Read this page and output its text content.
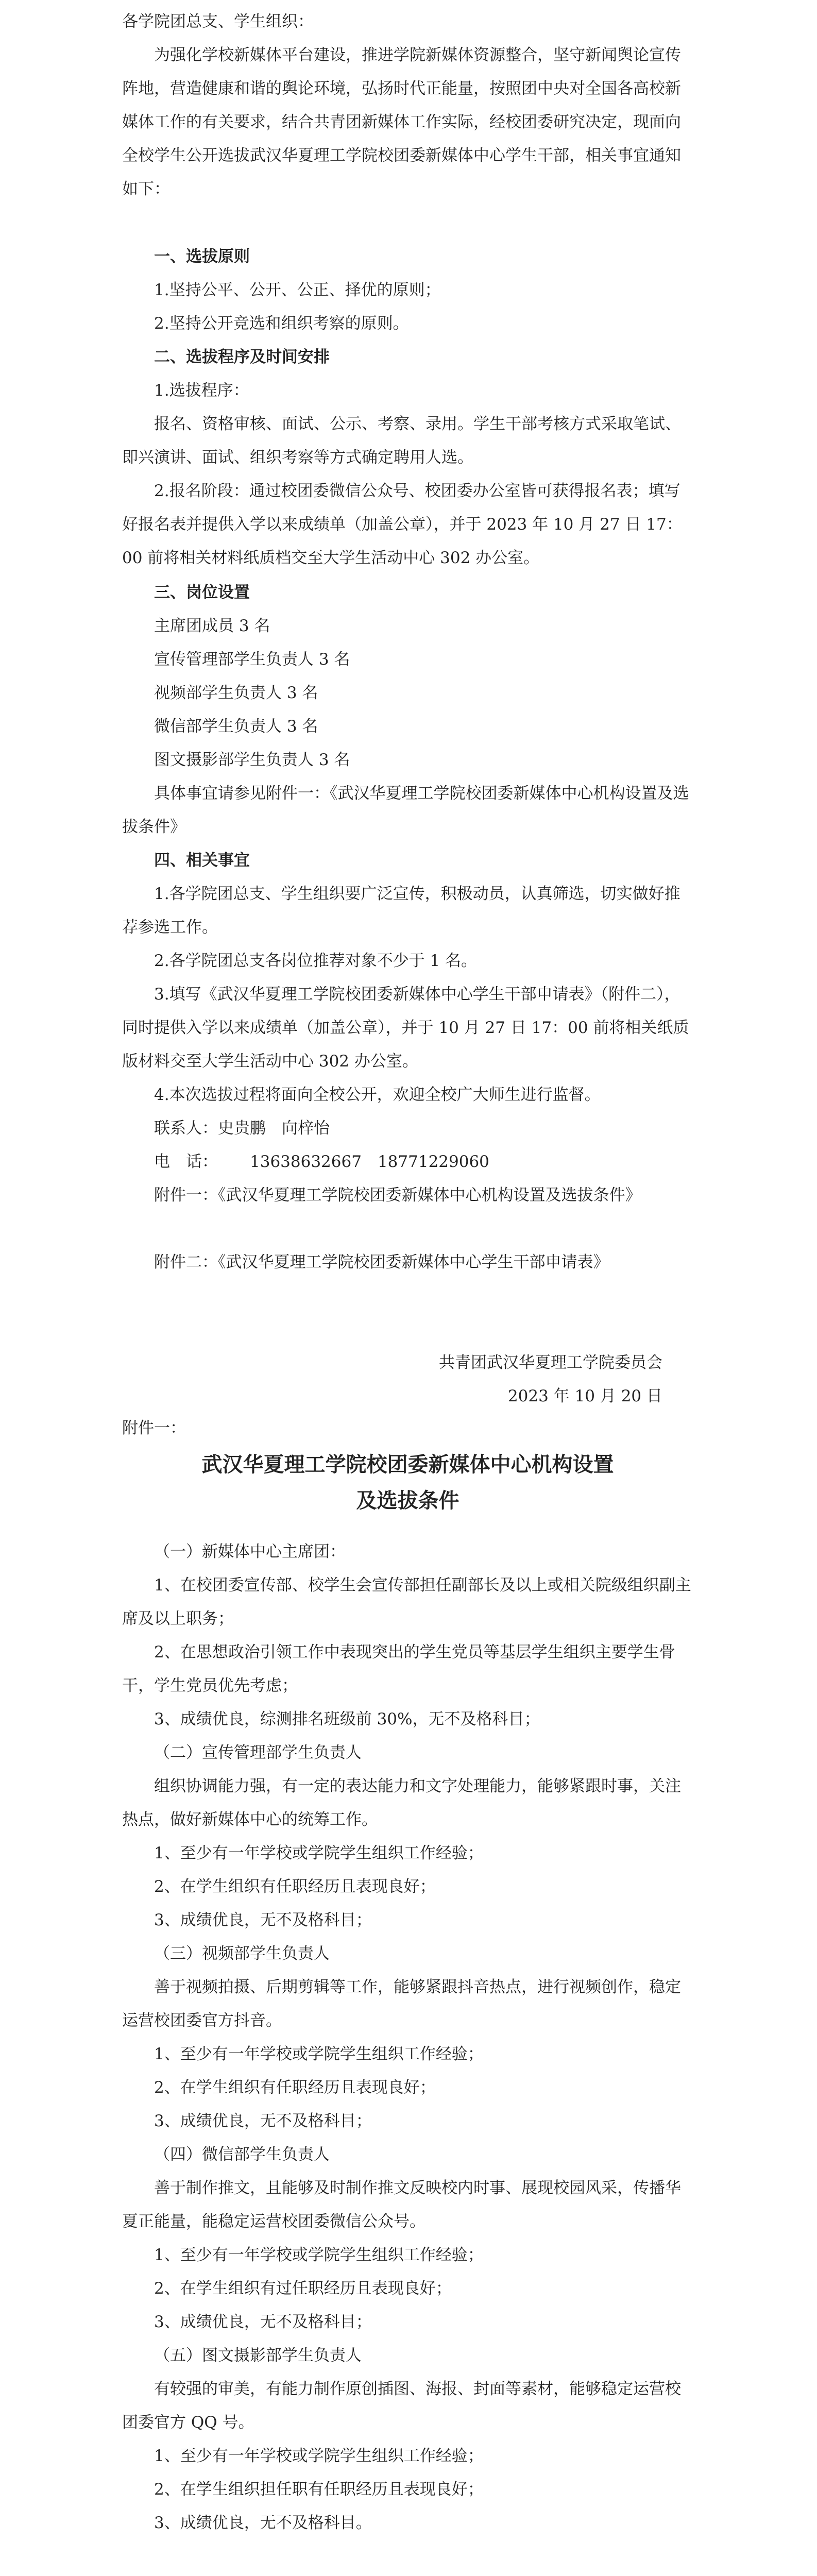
各学院团总支、学生组织：

为强化学校新媒体平台建设，推进学院新媒体资源整合，坚守新闻舆论宣传阵地，营造健康和谐的舆论环境，弘扬时代正能量，按照团中央对全国各高校新媒体工作的有关要求，结合共青团新媒体工作实际，经校团委研究决定，现面向全校学生公开选拔武汉华夏理工学院校团委新媒体中心学生干部，相关事宜通知如下：

一、选拔原则

1.坚持公平、公开、公正、择优的原则；

2.坚持公开竞选和组织考察的原则。

二、选拔程序及时间安排

1.选拔程序：

报名、资格审核、面试、公示、考察、录用。学生干部考核方式采取笔试、即兴演讲、面试、组织考察等方式确定聘用人选。

2.报名阶段：通过校团委微信公众号、校团委办公室皆可获得报名表；填写好报名表并提供入学以来成绩单（加盖公章），并于 2023 年 10 月 27 日 17：00 前将相关材料纸质档交至大学生活动中心 302 办公室。

三、岗位设置

主席团成员 3 名

宣传管理部学生负责人 3 名

视频部学生负责人 3 名

微信部学生负责人 3 名

图文摄影部学生负责人 3 名

具体事宜请参见附件一：《武汉华夏理工学院校团委新媒体中心机构设置及选拔条件》

四、相关事宜

1.各学院团总支、学生组织要广泛宣传，积极动员，认真筛选，切实做好推荐参选工作。

2.各学院团总支各岗位推荐对象不少于 1 名。

3.填写《武汉华夏理工学院校团委新媒体中心学生干部申请表》（附件二），同时提供入学以来成绩单（加盖公章），并于 10 月 27 日 17：00 前将相关纸质版材料交至大学生活动中心 302 办公室。

4.本次选拔过程将面向全校公开，欢迎全校广大师生进行监督。

联系人：史贵鹏　向梓怡

电　话： 13638632667　18771229060

附件一：《武汉华夏理工学院校团委新媒体中心机构设置及选拔条件》

附件二：《武汉华夏理工学院校团委新媒体中心学生干部申请表》

共青团武汉华夏理工学院委员会

2023 年 10 月 20 日

附件一：

武汉华夏理工学院校团委新媒体中心机构设置

及选拔条件

（一）新媒体中心主席团：

1、在校团委宣传部、校学生会宣传部担任副部长及以上或相关院级组织副主席及以上职务；

2、在思想政治引领工作中表现突出的学生党员等基层学生组织主要学生骨干，学生党员优先考虑；

3、成绩优良，综测排名班级前 30%，无不及格科目；

（二）宣传管理部学生负责人

组织协调能力强，有一定的表达能力和文字处理能力，能够紧跟时事，关注热点，做好新媒体中心的统筹工作。

1、至少有一年学校或学院学生组织工作经验；

2、在学生组织有任职经历且表现良好；

3、成绩优良，无不及格科目；

（三）视频部学生负责人

善于视频拍摄、后期剪辑等工作，能够紧跟抖音热点，进行视频创作，稳定运营校团委官方抖音。

1、至少有一年学校或学院学生组织工作经验；

2、在学生组织有任职经历且表现良好；

3、成绩优良，无不及格科目；

（四）微信部学生负责人

善于制作推文，且能够及时制作推文反映校内时事、展现校园风采，传播华夏正能量，能稳定运营校团委微信公众号。

1、至少有一年学校或学院学生组织工作经验；

2、在学生组织有过任职经历且表现良好；

3、成绩优良，无不及格科目；

（五）图文摄影部学生负责人

有较强的审美，有能力制作原创插图、海报、封面等素材，能够稳定运营校团委官方 QQ 号。

1、至少有一年学校或学院学生组织工作经验；

2、在学生组织担任职有任职经历且表现良好；

3、成绩优良，无不及格科目。
